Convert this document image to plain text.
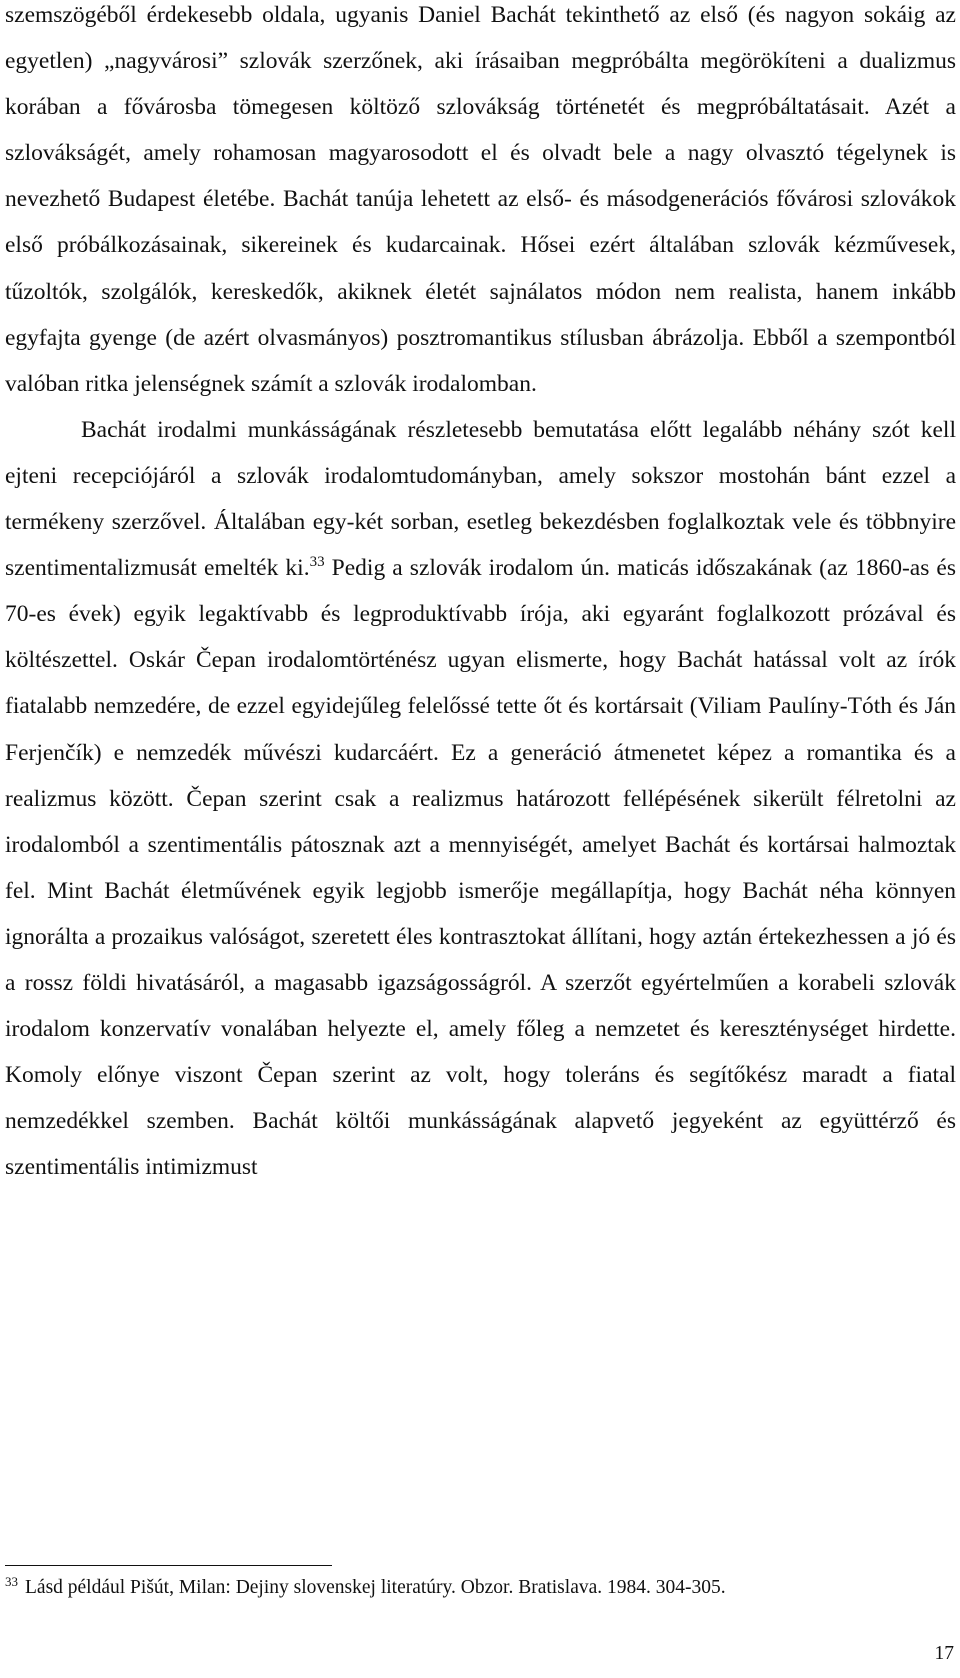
szemszögéből érdekesebb oldala, ugyanis Daniel Bachát tekinthető az első (és nagyon sokáig az egyetlen) „nagyvárosi” szlovák szerzőnek, aki írásaiban megpróbálta megörökíteni a dualizmus korában a fővárosba tömegesen költöző szlovákság történetét és megpróbáltatásait. Azét a szlovákságét, amely rohamosan magyarosodott el és olvadt bele a nagy olvasztó tégelynek is nevezhető Budapest életébe. Bachát tanúja lehetett az első- és másodgenerációs fővárosi szlovákok első próbálkozásainak, sikereinek és kudarcainak. Hősei ezért általában szlovák kézművesek, tűzoltók, szolgálók, kereskedők, akiknek életét sajnálatos módon nem realista, hanem inkább egyfajta gyenge (de azért olvasmányos) posztromantikus stílusban ábrázolja. Ebből a szempontból valóban ritka jelenségnek számít a szlovák irodalomban.

Bachát irodalmi munkásságának részletesebb bemutatása előtt legalább néhány szót kell ejteni recepciójáról a szlovák irodalomtudományban, amely sokszor mostohán bánt ezzel a termékeny szerzővel. Általában egy-két sorban, esetleg bekezdésben foglalkoztak vele és többnyire szentimentalizmusát emelték ki.$^{33}$ Pedig a szlovák irodalom ún. maticás időszakának (az 1860-as és 70-es évek) egyik legaktívabb és legproduktívabb írója, aki egyaránt foglalkozott prózával és költészettel. Oskár Čepan irodalomtörténész ugyan elismerte, hogy Bachát hatással volt az írók fiatalabb nemzedére, de ezzel egyidejűleg felelőssé tette őt és kortársait (Viliam Paulíny-Tóth és Ján Ferjenčík) e nemzedék művészi kudarcáért. Ez a generáció átmenetet képez a romantika és a realizmus között. Čepan szerint csak a realizmus határozott fellépésének sikerült félretolni az irodalomból a szentimentális pátosznak azt a mennyiségét, amelyet Bachát és kortársai halmoztak fel. Mint Bachát életművének egyik legjobb ismerője megállapítja, hogy Bachát néha könnyen ignorálta a prozaikus valóságot, szeretett éles kontrasztokat állítani, hogy aztán értekezhessen a jó és a rossz földi hivatásáról, a magasabb igazságosságról. A szerzőt egyértelműen a korabeli szlovák irodalom konzervatív vonalában helyezte el, amely főleg a nemzetet és kereszténységet hirdette. Komoly előnye viszont Čepan szerint az volt, hogy toleráns és segítőkész maradt a fiatal nemzedékkel szemben. Bachát költői munkásságának alapvető jegyeként az együttérző és szentimentális intimizmust

$^{33}$ Lásd például Pišút, Milan: Dejiny slovenskej literatúry. Obzor. Bratislava. 1984. 304-305.
17
